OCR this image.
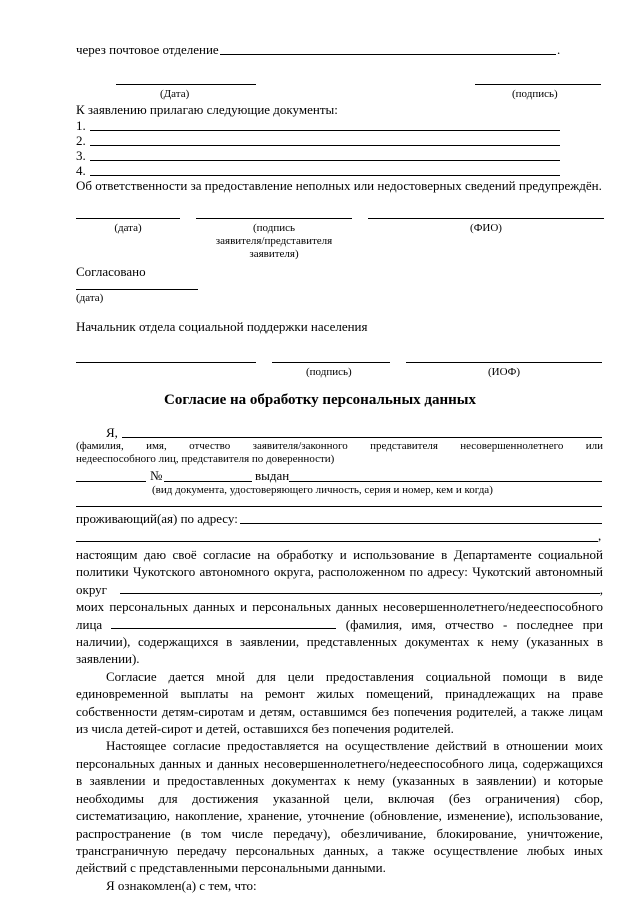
через почтовое отделение	.
(Дата)	(подпись)
К заявлению прилагаю следующие документы:
1.
2.
3.
4.
Об ответственности за предоставление неполных или недостоверных сведений предупреждён.
(дата)	(подпись
заявителя/представителя
заявителя)
(ФИО)
Согласовано
(дата)
Начальник отдела социальной поддержки населения
(подпись)	(ИОФ)
Согласие на обработку персональных данных
Я,
(фамилия, имя, отчество заявителя/законного представителя несовершеннолетнего или
недееспособного лиц, представителя по доверенности)
№	выдан
(вид документа, удостоверяющего личность, серия и номер, кем и когда)
проживающий(ая) по адресу:
,

настоящим даю своё согласие на обработку и использование в Департаменте социальной политики Чукотского автономного округа, расположенном по адресу: Чукотский автономный округ	, моих персональных данных и персональных данных несовершеннолетнего/недееспособного лица	(фамилия, имя, отчество - последнее при наличии), содержащихся в заявлении, представленных документах к нему (указанных в заявлении).

Согласие дается мной для цели предоставления социальной помощи в виде единовременной выплаты на ремонт жилых помещений, принадлежащих на праве собственности детям-сиротам и детям, оставшимся без попечения родителей, а также лицам из числа детей-сирот и детей, оставшихся без попечения родителей.

Настоящее согласие предоставляется на осуществление действий в отношении моих персональных данных и данных несовершеннолетнего/недееспособного лица, содержащихся в заявлении и предоставленных документах к нему (указанных в заявлении) и которые необходимы для достижения указанной цели, включая (без ограничения) сбор, систематизацию, накопление, хранение, уточнение (обновление, изменение), использование, распространение (в том числе передачу), обезличивание, блокирование, уничтожение, трансграничную передачу персональных данных, а также осуществление любых иных действий с представленными персональными данными.

Я ознакомлен(а) с тем, что:
